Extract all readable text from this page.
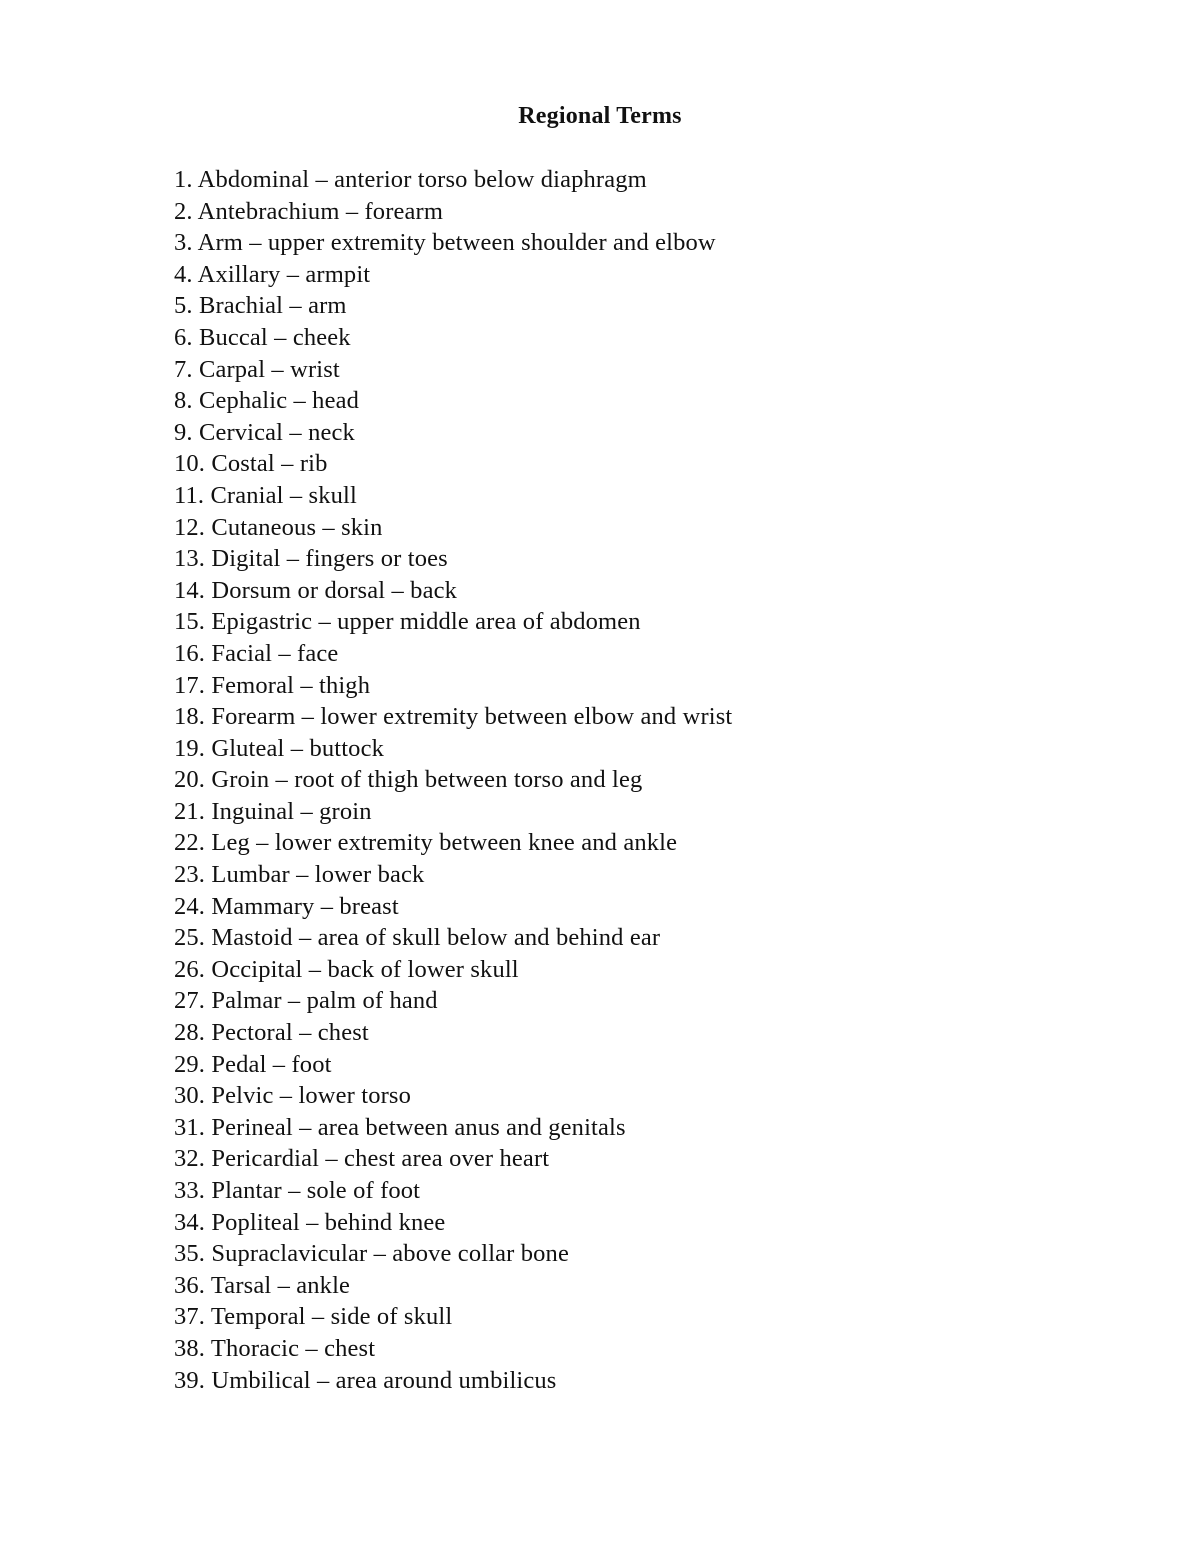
Regional Terms
1. Abdominal – anterior torso below diaphragm
2. Antebrachium – forearm
3. Arm – upper extremity between shoulder and elbow
4. Axillary – armpit
5. Brachial – arm
6. Buccal – cheek
7. Carpal – wrist
8. Cephalic – head
9. Cervical – neck
10. Costal – rib
11. Cranial – skull
12. Cutaneous – skin
13. Digital – fingers or toes
14. Dorsum or dorsal – back
15. Epigastric – upper middle area of abdomen
16. Facial – face
17. Femoral – thigh
18. Forearm – lower extremity between elbow and wrist
19. Gluteal – buttock
20. Groin – root of thigh between torso and leg
21. Inguinal – groin
22. Leg – lower extremity between knee and ankle
23. Lumbar – lower back
24. Mammary – breast
25. Mastoid – area of skull below and behind ear
26. Occipital – back of lower skull
27. Palmar – palm of hand
28. Pectoral – chest
29. Pedal – foot
30. Pelvic – lower torso
31. Perineal – area between anus and genitals
32. Pericardial – chest area over heart
33. Plantar – sole of foot
34. Popliteal – behind knee
35. Supraclavicular – above collar bone
36. Tarsal – ankle
37. Temporal – side of skull
38. Thoracic – chest
39. Umbilical – area around umbilicus
